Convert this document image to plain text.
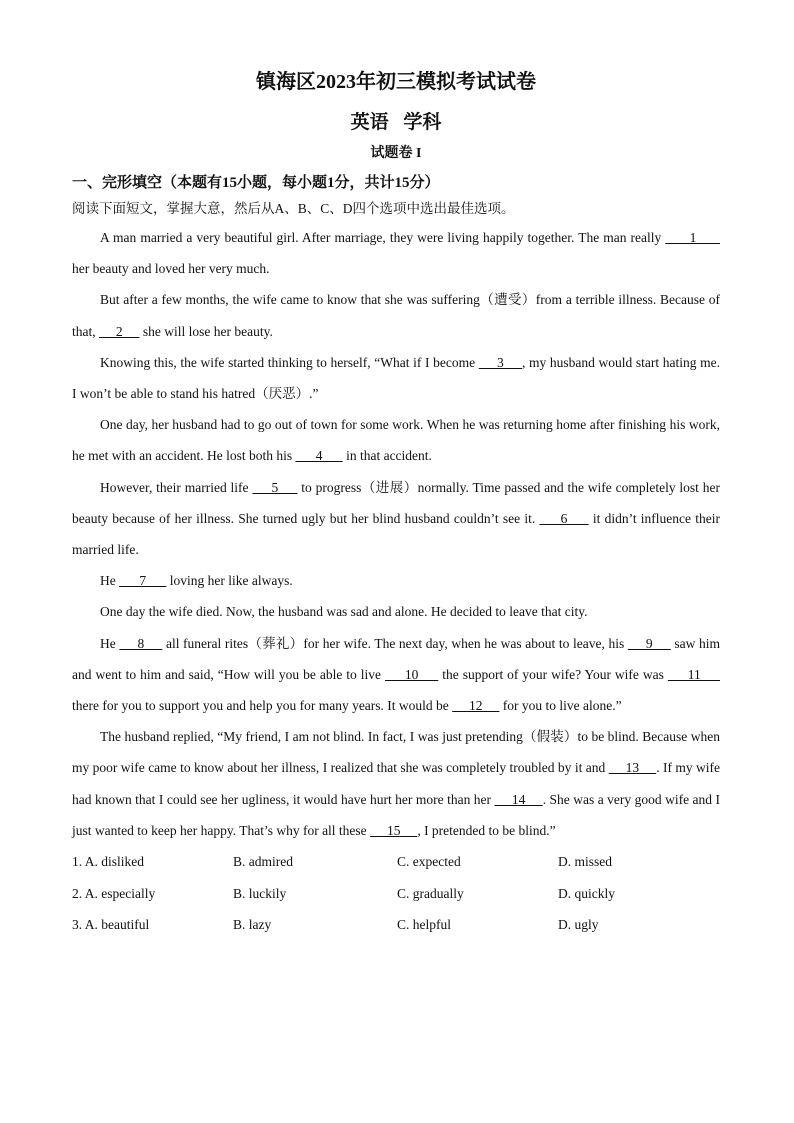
镇海区2023年初三模拟考试试卷
英语 学科
试题卷 I
一、完形填空（本题有15小题，每小题1分，共计15分）
阅读下面短文，掌握大意，然后从A、B、C、D四个选项中选出最佳选项。

A man married a very beautiful girl. After marriage, they were living happily together. The man really       1       her beauty and loved her very much.

But after a few months, the wife came to know that she was suffering（遭受）from a terrible illness. Because of that,      2      she will lose her beauty.

Knowing this, the wife started thinking to herself, “What if I become      3     , my husband would start hating me. I won’t be able to stand his hatred（厌恶）.”

One day, her husband had to go out of town for some work. When he was returning home after finishing his work, he met with an accident. He lost both his       4       in that accident.

However, their married life      5      to progress（进展）normally. Time passed and the wife completely lost her beauty because of her illness. She turned ugly but her blind husband couldn’t see it.      6      it didn’t influence their married life.

He       7       loving her like always.

One day the wife died. Now, the husband was sad and alone. He decided to leave that city.

He      8      all funeral rites（葬礼）for her wife. The next day, when he was about to leave, his      9      saw him and went to him and said, “How will you be able to live      10      the support of your wife? Your wife was      11      there for you to support you and help you for many years. It would be      12      for you to live alone.”

The husband replied, “My friend, I am not blind. In fact, I was just pretending（假装）to be blind. Because when my poor wife came to know about her illness, I realized that she was completely troubled by it and      13     . If my wife had known that I could see her ugliness, it would have hurt her more than her      14     . She was a very good wife and I just wanted to keep her happy. That’s why for all these      15     , I pretended to be blind.”

1. A. disliked	B. admired	C. expected	D. missed
2. A. especially	B. luckily	C. gradually	D. quickly
3. A. beautiful	B. lazy	C. helpful	D. ugly
